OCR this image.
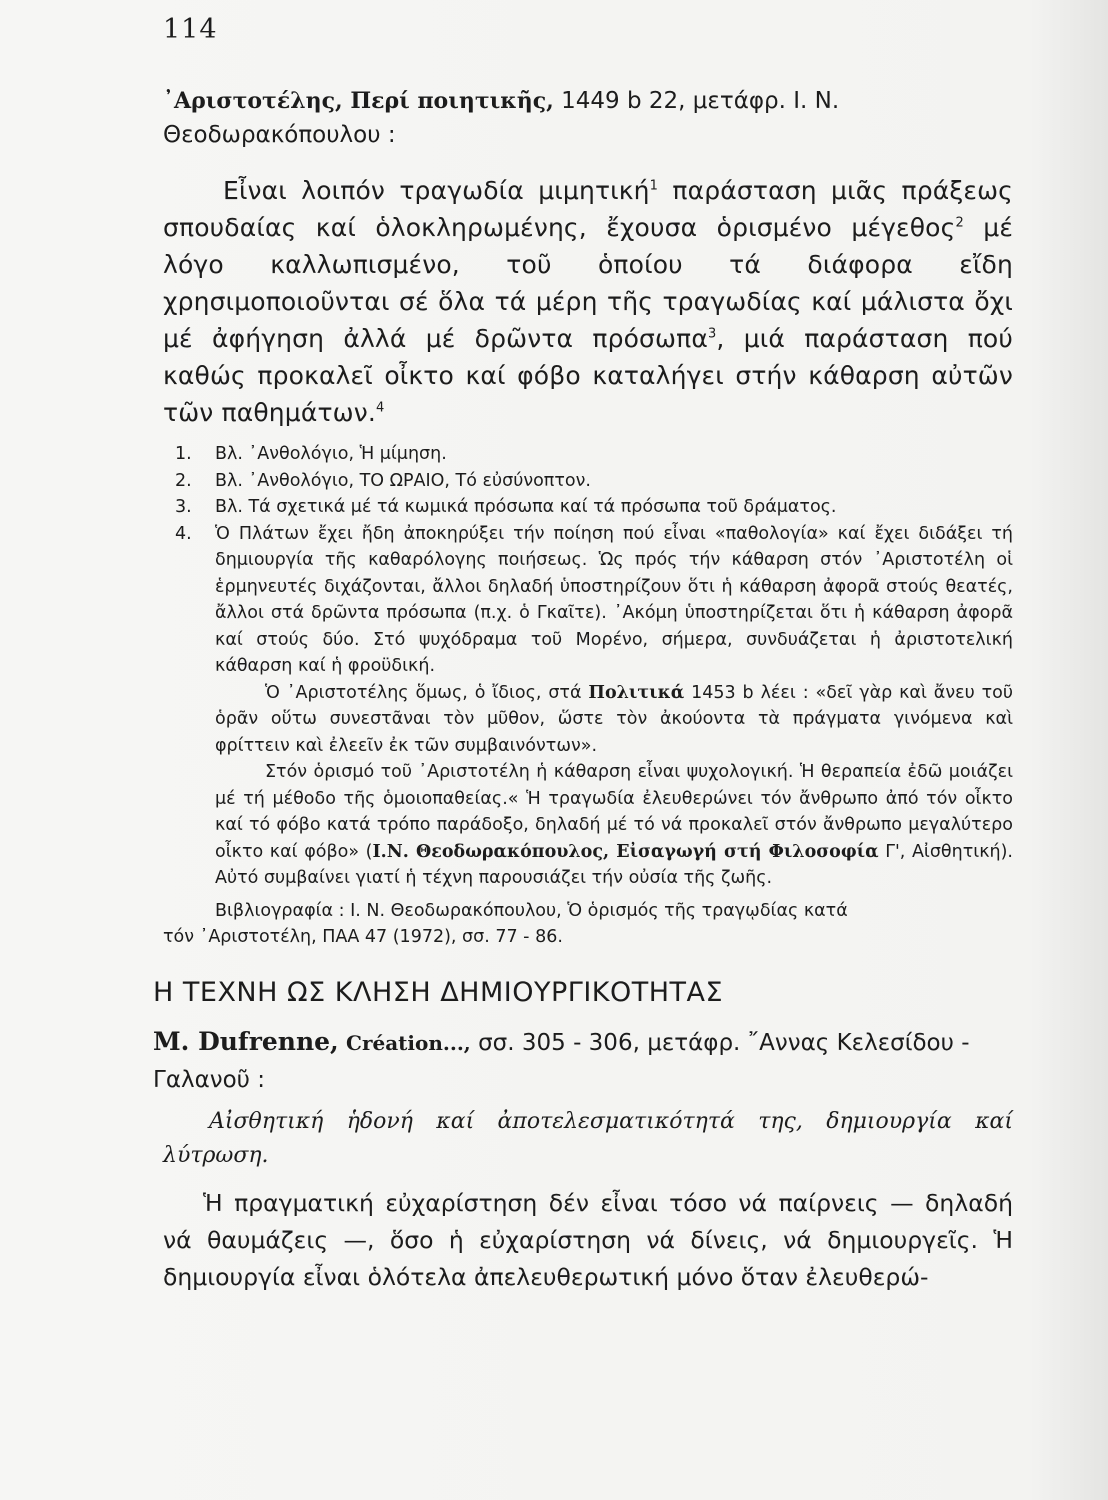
114

᾿Αριστοτέλης, Περί ποιητικῆς, 1449 b 22, μετάφρ. Ι. Ν. Θεοδωρακόπουλου :

Εἶναι λοιπόν τραγωδία μιμητική$^1$ παράσταση μιᾶς πράξεως σπουδαίας καί ὁλοκληρωμένης, ἔχουσα ὁρισμένο μέγεθος$^2$ μέ λόγο καλλωπισμένο, τοῦ ὁποίου τά διάφορα εἴδη χρησιμοποιοῦνται σέ ὅλα τά μέρη τῆς τραγωδίας καί μάλιστα ὄχι μέ ἀφήγηση ἀλλά μέ δρῶντα πρόσωπα$^3$, μιά παράσταση πού καθώς προκαλεῖ οἶκτο καί φόβο καταλήγει στήν κάθαρση αὐτῶν τῶν παθημάτων.$^4$

1.	Βλ. ᾿Ανθολόγιο, Ἡ μίμηση.
2.	Βλ. ᾿Ανθολόγιο, ΤΟ ΩΡΑΙΟ, Τό εὐσύνοπτον.
3.	Βλ. Τά σχετικά μέ τά κωμικά πρόσωπα καί τά πρόσωπα τοῦ δράματος.
4.	Ὁ Πλάτων ἔχει ἤδη ἀποκηρύξει τήν ποίηση πού εἶναι «παθολογία» καί ἔχει διδάξει τή δημιουργία τῆς καθαρόλογης ποιήσεως. Ὡς πρός τήν κάθαρση στόν ᾿Αριστοτέλη οἱ ἑρμηνευτές διχάζονται, ἄλλοι δηλαδή ὑποστηρίζουν ὅτι ἡ κάθαρση ἀφορᾶ στούς θεατές, ἄλλοι στά δρῶντα πρόσωπα (π.χ. ὁ Γκαῖτε). ᾿Ακόμη ὑποστηρίζεται ὅτι ἡ κάθαρση ἀφορᾶ καί στούς δύο. Στό ψυχόδραμα τοῦ Μορένο, σήμερα, συνδυάζεται ἡ ἀριστοτελική κάθαρση καί ἡ φροϋδική.

Ὁ ᾿Αριστοτέλης ὅμως, ὁ ἴδιος, στά Πολιτικά 1453 b λέει : «δεῖ γὰρ καὶ ἄνευ τοῦ ὁρᾶν οὕτω συνεστᾶναι τὸν μῦθον, ὥστε τὸν ἀκούοντα τὰ πράγματα γινόμενα καὶ φρίττειν καὶ ἐλεεῖν ἐκ τῶν συμβαινόντων».

Στόν ὁρισμό τοῦ ᾿Αριστοτέλη ἡ κάθαρση εἶναι ψυχολογική. Ἡ θεραπεία ἐδῶ μοιάζει μέ τή μέθοδο τῆς ὁμοιοπαθείας.« Ἡ τραγωδία ἐλευθερώνει τόν ἄνθρωπο ἀπό τόν οἶκτο καί τό φόβο κατά τρόπο παράδοξο, δηλαδή μέ τό νά προκαλεῖ στόν ἄνθρωπο μεγαλύτερο οἶκτο καί φόβο» (Ι.Ν. Θεοδωρακόπουλος, Εἰσαγωγή στή Φιλοσοφία Γ', Αἰσθητική). Αὐτό συμβαίνει γιατί ἡ τέχνη παρουσιάζει τήν οὐσία τῆς ζωῆς.

Βιβλιογραφία : Ι. Ν. Θεοδωρακόπουλου, Ὁ ὁρισμός τῆς τραγῳδίας κατά
τόν ᾿Αριστοτέλη, ΠΑΑ 47 (1972), σσ. 77 - 86.

Η ΤΕΧΝΗ ΩΣ ΚΛΗΣΗ ΔΗΜΙΟΥΡΓΙΚΟΤΗΤΑΣ

M. Dufrenne, Création..., σσ. 305 - 306, μετάφρ. ῎Αννας Κελεσίδου - Γαλανοῦ :

Αἰσθητική ἡδονή καί ἀποτελεσματικότητά της, δημιουργία καί λύτρωση.

Ἡ πραγματική εὐχαρίστηση δέν εἶναι τόσο νά παίρνεις — δηλαδή νά θαυμάζεις —, ὅσο ἡ εὐχαρίστηση νά δίνεις, νά δημιουργεῖς. Ἡ δημιουργία εἶναι ὁλότελα ἀπελευθερωτική μόνο ὅταν ἐλευθερώ-
